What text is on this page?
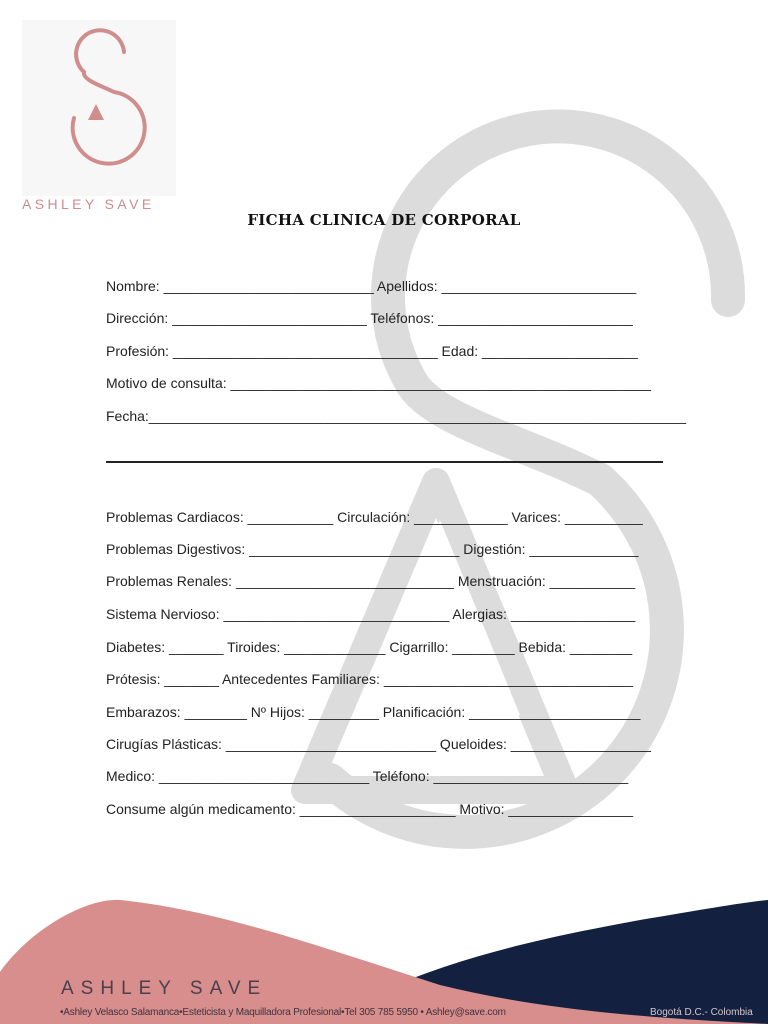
ASHLEY SAVE
FICHA CLINICA DE CORPORAL
Nombre: ___________________________ Apellidos: _________________________
Dirección: _________________________ Teléfonos: _________________________
Profesión: __________________________________ Edad: ____________________
Motivo de consulta: ______________________________________________________
Fecha:_____________________________________________________________________
Problemas Cardiacos: ___________ Circulación: ____________ Varices: __________
Problemas Digestivos: ___________________________ Digestión: ______________
Problemas Renales: ____________________________ Menstruación: ___________
Sistema Nervioso: _____________________________ Alergias: ________________
Diabetes: _______ Tiroides: _____________ Cigarrillo: ________ Bebida: ________
Prótesis: _______ Antecedentes Familiares: ________________________________
Embarazos: ________ Nº Hijos: _________ Planificación: ______________________
Cirugías Plásticas: ___________________________ Queloides: __________________
Medico: ___________________________ Teléfono: _________________________
Consume algún medicamento: ____________________ Motivo: ________________
ASHLEY SAVE
•Ashley Velasco Salamanca•Esteticista y Maquilladora Profesional•Tel 305 785 5950 • Ashley@save.com	Bogotá D.C.- Colombia
